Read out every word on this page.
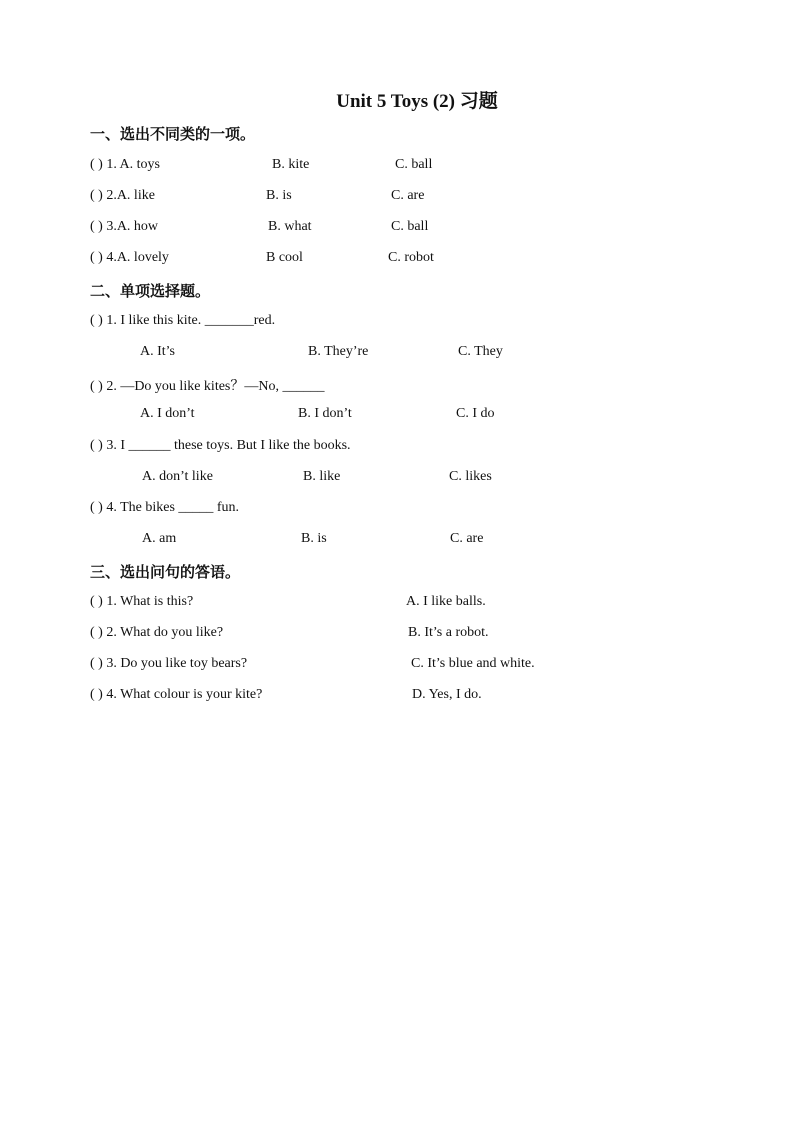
Unit 5 Toys (2) 习题
一、选出不同类的一项。
( ) 1. A. toys	B. kite	C. ball
( ) 2.A. like	B. is	C. are
( ) 3.A. how	B. what	C. ball
( ) 4.A. lovely	B cool	C. robot
二、单项选择题。
( ) 1. I like this kite. _______red.
A. It’s	B. They’re	C. They
( ) 2. —Do you like kites？—No, ______
A. I don’t	B. I don’t	C. I do
( ) 3. I ______ these toys. But I like the books.
A. don’t like	B. like	C. likes
( ) 4. The bikes _____ fun.
A. am	B. is	C. are
三、选出问句的答语。
( ) 1. What is this?	A. I like balls.
( ) 2. What do you like?	B. It’s a robot.
( ) 3. Do you like toy bears?	C. It’s blue and white.
( ) 4. What colour is your kite?	D. Yes, I do.
